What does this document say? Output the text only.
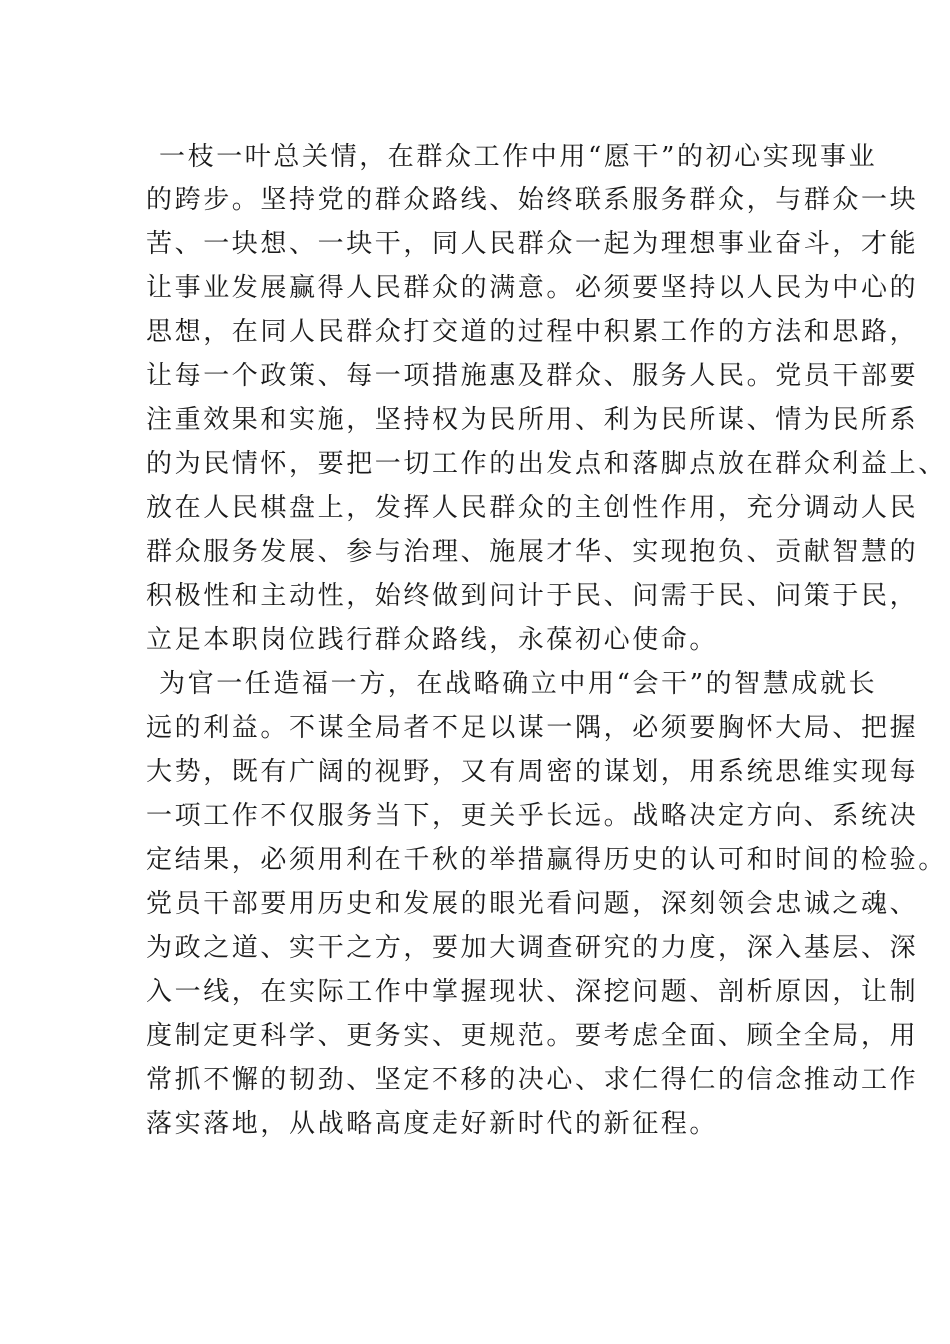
一枝一叶总关情，在群众工作中用“愿干”的初心实现事业
的跨步。坚持党的群众路线、始终联系服务群众，与群众一块
苦、一块想、一块干，同人民群众一起为理想事业奋斗，才能
让事业发展赢得人民群众的满意。必须要坚持以人民为中心的
思想，在同人民群众打交道的过程中积累工作的方法和思路，
让每一个政策、每一项措施惠及群众、服务人民。党员干部要
注重效果和实施，坚持权为民所用、利为民所谋、情为民所系
的为民情怀，要把一切工作的出发点和落脚点放在群众利益上、
放在人民棋盘上，发挥人民群众的主创性作用，充分调动人民
群众服务发展、参与治理、施展才华、实现抱负、贡献智慧的
积极性和主动性，始终做到问计于民、问需于民、问策于民，
立足本职岗位践行群众路线，永葆初心使命。
为官一任造福一方，在战略确立中用“会干”的智慧成就长
远的利益。不谋全局者不足以谋一隅，必须要胸怀大局、把握
大势，既有广阔的视野，又有周密的谋划，用系统思维实现每
一项工作不仅服务当下，更关乎长远。战略决定方向、系统决
定结果，必须用利在千秋的举措赢得历史的认可和时间的检验。
党员干部要用历史和发展的眼光看问题，深刻领会忠诚之魂、
为政之道、实干之方，要加大调查研究的力度，深入基层、深
入一线，在实际工作中掌握现状、深挖问题、剖析原因，让制
度制定更科学、更务实、更规范。要考虑全面、顾全全局，用
常抓不懈的韧劲、坚定不移的决心、求仁得仁的信念推动工作
落实落地，从战略高度走好新时代的新征程。
